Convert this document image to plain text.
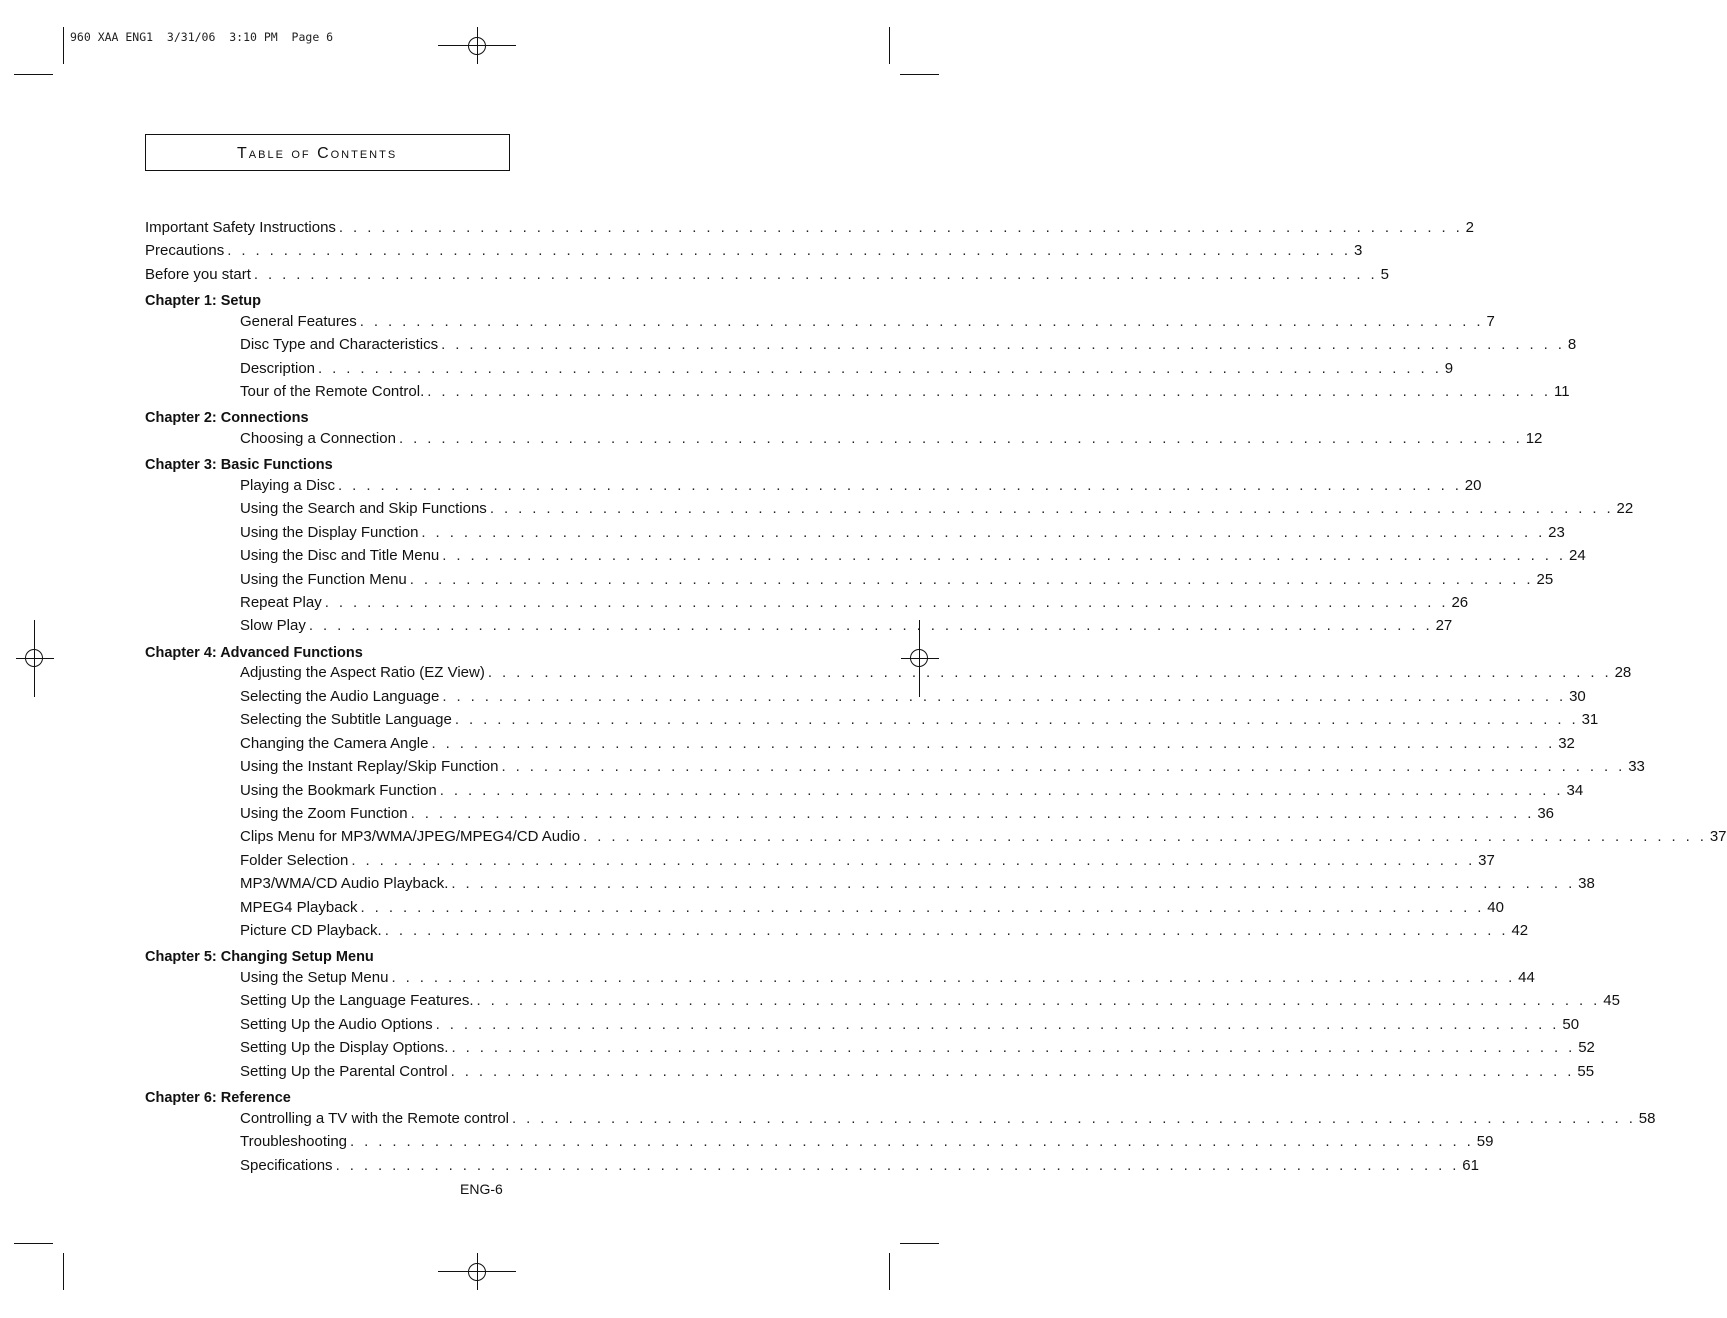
960 XAA ENG1  3/31/06  3:10 PM  Page 6
Table of Contents
Important Safety Instructions . . . . . . . . . . . . . . . . . . . . . . . . . . . . . . . . . . . . . . . . . . . . . . . . . . . . . . . . . . . . . . . . . . . . . . . . . . . . . . . . 2
Precautions . . . . . . . . . . . . . . . . . . . . . . . . . . . . . . . . . . . . . . . . . . . . . . . . . . . . . . . . . . . . . . . . . . . . . . . . . . . . . . . . 3
Before you start . . . . . . . . . . . . . . . . . . . . . . . . . . . . . . . . . . . . . . . . . . . . . . . . . . . . . . . . . . . . . . . . . . . . . . . . . . . . . . . . 5
Chapter 1: Setup
General Features . . . . . . . . . . . . . . . . . . . . . . . . . . . . . . . . . . . . . . . . . . . . . . . . . . . . . . . . . . . . . . . . . . . . . . . . . . . . . . . . 7
Disc Type and Characteristics . . . . . . . . . . . . . . . . . . . . . . . . . . . . . . . . . . . . . . . . . . . . . . . . . . . . . . . . . . . . . . . . . . . . . . . . . . . . . . . . 8
Description . . . . . . . . . . . . . . . . . . . . . . . . . . . . . . . . . . . . . . . . . . . . . . . . . . . . . . . . . . . . . . . . . . . . . . . . . . . . . . . . 9
Tour of the Remote Control. . . . . . . . . . . . . . . . . . . . . . . . . . . . . . . . . . . . . . . . . . . . . . . . . . . . . . . . . . . . . . . . . . . . . . . . . . . . . . . . . 11
Chapter 2: Connections
Choosing a Connection . . . . . . . . . . . . . . . . . . . . . . . . . . . . . . . . . . . . . . . . . . . . . . . . . . . . . . . . . . . . . . . . . . . . . . . . . . . . . . . . 12
Chapter 3: Basic Functions
Playing a Disc . . . . . . . . . . . . . . . . . . . . . . . . . . . . . . . . . . . . . . . . . . . . . . . . . . . . . . . . . . . . . . . . . . . . . . . . . . . . . . . . 20
Using the Search and Skip Functions . . . . . . . . . . . . . . . . . . . . . . . . . . . . . . . . . . . . . . . . . . . . . . . . . . . . . . . . . . . . . . . . . . . . . . . . . . . . . . . . 22
Using the Display Function . . . . . . . . . . . . . . . . . . . . . . . . . . . . . . . . . . . . . . . . . . . . . . . . . . . . . . . . . . . . . . . . . . . . . . . . . . . . . . . . 23
Using the Disc and Title Menu . . . . . . . . . . . . . . . . . . . . . . . . . . . . . . . . . . . . . . . . . . . . . . . . . . . . . . . . . . . . . . . . . . . . . . . . . . . . . . . . 24
Using the Function Menu . . . . . . . . . . . . . . . . . . . . . . . . . . . . . . . . . . . . . . . . . . . . . . . . . . . . . . . . . . . . . . . . . . . . . . . . . . . . . . . . 25
Repeat Play . . . . . . . . . . . . . . . . . . . . . . . . . . . . . . . . . . . . . . . . . . . . . . . . . . . . . . . . . . . . . . . . . . . . . . . . . . . . . . . . 26
Slow Play . . . . . . . . . . . . . . . . . . . . . . . . . . . . . . . . . . . . . . . . . . . . . . . . . . . . . . . . . . . . . . . . . . . . . . . . . . . . . . . . 27
Chapter 4: Advanced Functions
Adjusting the Aspect Ratio (EZ View) . . . . . . . . . . . . . . . . . . . . . . . . . . . . . . . . . . . . . . . . . . . . . . . . . . . . . . . . . . . . . . . . . . . . . . . . . . . . . . . . 28
Selecting the Audio Language . . . . . . . . . . . . . . . . . . . . . . . . . . . . . . . . . . . . . . . . . . . . . . . . . . . . . . . . . . . . . . . . . . . . . . . . . . . . . . . . 30
Selecting the Subtitle Language . . . . . . . . . . . . . . . . . . . . . . . . . . . . . . . . . . . . . . . . . . . . . . . . . . . . . . . . . . . . . . . . . . . . . . . . . . . . . . . . 31
Changing the Camera Angle . . . . . . . . . . . . . . . . . . . . . . . . . . . . . . . . . . . . . . . . . . . . . . . . . . . . . . . . . . . . . . . . . . . . . . . . . . . . . . . . 32
Using the Instant Replay/Skip Function . . . . . . . . . . . . . . . . . . . . . . . . . . . . . . . . . . . . . . . . . . . . . . . . . . . . . . . . . . . . . . . . . . . . . . . . . . . . . . . . 33
Using the Bookmark Function . . . . . . . . . . . . . . . . . . . . . . . . . . . . . . . . . . . . . . . . . . . . . . . . . . . . . . . . . . . . . . . . . . . . . . . . . . . . . . . . 34
Using the Zoom Function . . . . . . . . . . . . . . . . . . . . . . . . . . . . . . . . . . . . . . . . . . . . . . . . . . . . . . . . . . . . . . . . . . . . . . . . . . . . . . . . 36
Clips Menu for MP3/WMA/JPEG/MPEG4/CD Audio . . . . . . . . . . . . . . . . . . . . . . . . . . . . . . . . . . . . . . . . . . . . . . . . . . . . . . . . . . . . . . . . . . . . . . . . . . . . . . . . 37
Folder Selection . . . . . . . . . . . . . . . . . . . . . . . . . . . . . . . . . . . . . . . . . . . . . . . . . . . . . . . . . . . . . . . . . . . . . . . . . . . . . . . . 37
MP3/WMA/CD Audio Playback. . . . . . . . . . . . . . . . . . . . . . . . . . . . . . . . . . . . . . . . . . . . . . . . . . . . . . . . . . . . . . . . . . . . . . . . . . . . . . . . . 38
MPEG4 Playback . . . . . . . . . . . . . . . . . . . . . . . . . . . . . . . . . . . . . . . . . . . . . . . . . . . . . . . . . . . . . . . . . . . . . . . . . . . . . . . . 40
Picture CD Playback. . . . . . . . . . . . . . . . . . . . . . . . . . . . . . . . . . . . . . . . . . . . . . . . . . . . . . . . . . . . . . . . . . . . . . . . . . . . . . . . . 42
Chapter 5: Changing Setup Menu
Using the Setup Menu . . . . . . . . . . . . . . . . . . . . . . . . . . . . . . . . . . . . . . . . . . . . . . . . . . . . . . . . . . . . . . . . . . . . . . . . . . . . . . . . 44
Setting Up the Language Features. . . . . . . . . . . . . . . . . . . . . . . . . . . . . . . . . . . . . . . . . . . . . . . . . . . . . . . . . . . . . . . . . . . . . . . . . . . . . . . . . 45
Setting Up the Audio Options . . . . . . . . . . . . . . . . . . . . . . . . . . . . . . . . . . . . . . . . . . . . . . . . . . . . . . . . . . . . . . . . . . . . . . . . . . . . . . . . 50
Setting Up the Display Options. . . . . . . . . . . . . . . . . . . . . . . . . . . . . . . . . . . . . . . . . . . . . . . . . . . . . . . . . . . . . . . . . . . . . . . . . . . . . . . . . 52
Setting Up the Parental Control . . . . . . . . . . . . . . . . . . . . . . . . . . . . . . . . . . . . . . . . . . . . . . . . . . . . . . . . . . . . . . . . . . . . . . . . . . . . . . . . 55
Chapter 6: Reference
Controlling a TV with the Remote control . . . . . . . . . . . . . . . . . . . . . . . . . . . . . . . . . . . . . . . . . . . . . . . . . . . . . . . . . . . . . . . . . . . . . . . . . . . . . . . . 58
Troubleshooting . . . . . . . . . . . . . . . . . . . . . . . . . . . . . . . . . . . . . . . . . . . . . . . . . . . . . . . . . . . . . . . . . . . . . . . . . . . . . . . . 59
Specifications . . . . . . . . . . . . . . . . . . . . . . . . . . . . . . . . . . . . . . . . . . . . . . . . . . . . . . . . . . . . . . . . . . . . . . . . . . . . . . . . 61
ENG-6
